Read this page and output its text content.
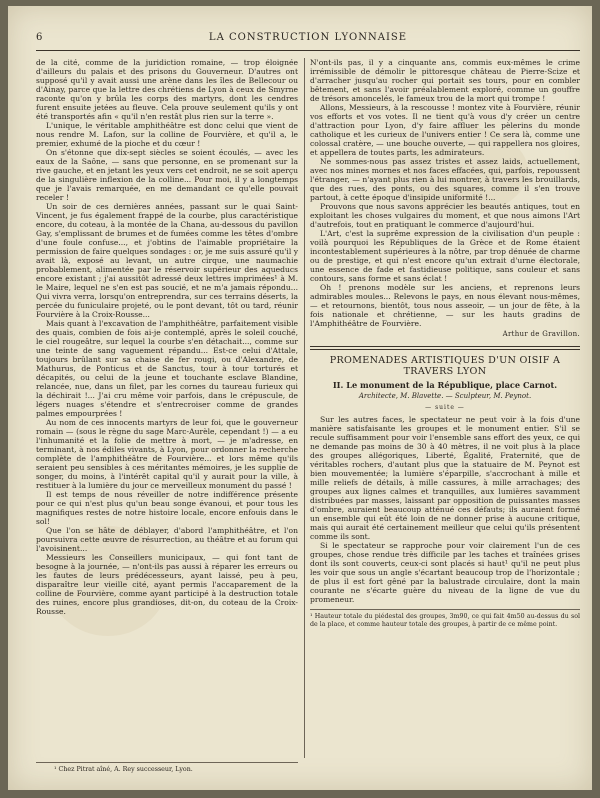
6	LA CONSTRUCTION LYONNAISE

de la cité, comme de la juridiction romaine, — trop éloignée d'ailleurs du palais et des prisons du Gouverneur. D'autres ont supposé qu'il y avait aussi une arène dans les îles de Bellecour ou d'Ainay, parce que la lettre des chrétiens de Lyon à ceux de Smyrne raconte qu'on y brûla les corps des martyrs, dont les cendres furent ensuite jetées au fleuve. Cela prouve seulement qu'ils y ont été transportés afin « qu'il n'en restât plus rien sur la terre ».

L'unique, le véritable amphithéâtre est donc celui que vient de nous rendre M. Lafon, sur la colline de Fourvière, et qu'il a, le premier, exhumé de la pioche et du cœur !

On s'étonne que dix-sept siècles se soient écoulés, — avec les eaux de la Saône, — sans que personne, en se promenant sur la rive gauche, et en jetant les yeux vers cet endroit, ne se soit aperçu de la singulière inflexion de la colline... Pour moi, il y a longtemps que je l'avais remarquée, en me demandant ce qu'elle pouvait receler !

Un soir de ces dernières années, passant sur le quai Saint-Vincent, je fus également frappé de la courbe, plus caractéristique encore, du coteau, à la montée de la Chana, au-dessous du pavillon Gay, s'emplissant de brumes et de fumées comme les têtes d'ombre d'une foule confuse..., et j'obtins de l'aimable propriétaire la permission de faire quelques sondages : or, je me suis assuré qu'il y avait là, exposé au levant, un autre cirque, une naumachie probablement, alimentée par le réservoir supérieur des aqueducs encore existant ; j'ai aussitôt adressé deux lettres imprimées¹ à M. le Maire, lequel ne s'en est pas soucié, et ne m'a jamais répondu... Qui vivra verra, lorsqu'on entreprendra, sur ces terrains déserts, la percée du funiculaire projeté, ou le pont devant, tôt ou tard, réunir Fourvière à la Croix-Rousse...

Mais quant à l'excavation de l'amphithéâtre, parfaitement visible des quais, combien de fois ai-je contemplé, après le soleil couché, le ciel rougeâtre, sur lequel la courbe s'en détachait..., comme sur une teinte de sang vaguement répandu... Est-ce celui d'Attale, toujours brûlant sur sa chaise de fer rougi, ou d'Alexandre, de Mathurus, de Ponticus et de Sanctus, tour à tour torturés et décapités, ou celui de la jeune et touchante esclave Blandine, relancée, nue, dans un filet, par les cornes du taureau furieux qui la déchirait !... J'ai cru même voir parfois, dans le crépuscule, de légers nuages s'étendre et s'entrecroiser comme de grandes palmes empourprées !

Au nom de ces innocents martyrs de leur foi, que le gouverneur romain — (sous le règne du sage Marc-Aurèle, cependant !) — a eu l'inhumanité et la folie de mettre à mort, — je m'adresse, en terminant, à nos édiles vivants, à Lyon, pour ordonner la recherche complète de l'amphithéâtre de Fourvière... et lors même qu'ils seraient peu sensibles à ces méritantes mémoires, je les supplie de songer, du moins, à l'intérêt capital qu'il y aurait pour la ville, à restituer à la lumière du jour ce merveilleux monument du passé !

Il est temps de nous réveiller de notre indifférence présente pour ce qui n'est plus qu'un beau songe évanoui, et pour tous les magnifiques restes de notre histoire locale, encore enfouis dans le sol!

Que l'on se hâte de déblayer, d'abord l'amphithéâtre, et l'on poursuivra cette œuvre de résurrection, au théâtre et au forum qui l'avoisinent...

Messieurs les Conseillers municipaux, — qui font tant de besogne à la journée, — n'ont-ils pas aussi à réparer les erreurs ou les fautes de leurs prédécesseurs, ayant laissé, peu à peu, disparaître leur vieille cité, ayant permis l'accaparement de la colline de Fourvière, comme ayant participé à la destruction totale des ruines, encore plus grandioses, dit-on, du coteau de la Croix-Rousse.

¹ Chez Pitrat aîné, A. Rey successeur, Lyon.

N'ont-ils pas, il y a cinquante ans, commis eux-mêmes le crime irrémissible de démolir le pittoresque château de Pierre-Scize et d'arracher jusqu'au rocher qui portait ses tours, pour en combler bêtement, et sans l'avoir préalablement exploré, comme un gouffre de trésors amoncelés, le fameux trou de la mort qui trompe !

Allons, Messieurs, à la rescousse ! montez vite à Fourvière, réunir vos efforts et vos votes. Il ne tient qu'à vous d'y créer un centre d'attraction pour Lyon, d'y faire affluer les pèlerins du monde catholique et les curieux de l'univers entier ! Ce sera là, comme une colossal cratère, — une bouche ouverte, — qui rappellera nos gloires, et appellera de toutes parts, les admirateurs.

Ne sommes-nous pas assez tristes et assez laids, actuellement, avec nos mines mornes et nos faces effacées, qui, parfois, repoussent l'étranger, — n'ayant plus rien à lui montrer, à travers les brouillards, que des rues, des ponts, ou des squares, comme il s'en trouve partout, à cette époque d'insipide uniformité !...

Prouvons que nous savons apprécier les beautés antiques, tout en exploitant les choses vulgaires du moment, et que nous aimons l'Art d'autrefois, tout en pratiquant le commerce d'aujourd'hui.

L'Art, c'est la suprême expression de la civilisation d'un peuple : voilà pourquoi les Républiques de la Grèce et de Rome étaient incontestablement supérieures à la nôtre, par trop dénuée de charme ou de prestige, et qui n'est encore qu'un extrait d'urne électorale, une essence de fade et fastidieuse politique, sans couleur et sans contours, sans forme et sans éclat !

Oh ! prenons modèle sur les anciens, et reprenons leurs admirables moules... Relevons le pays, en nous élevant nous-mêmes, — et retournons, bientôt, tous nous asseoir, — un jour de fête, à la fois nationale et chrétienne, — sur les hauts gradins de l'Amphithéâtre de Fourvière.

Arthur de Gravillon.
PROMENADES ARTISTIQUES D'UN OISIF A TRAVERS LYON
II. Le monument de la République, place Carnot.
Architecte, M. Blavette. — Sculpteur, M. Peynot.
— suite —

Sur les autres faces, le spectateur ne peut voir à la fois d'une manière satisfaisante les groupes et le monument entier. S'il se recule suffisamment pour voir l'ensemble sans effort des yeux, ce qui ne demande pas moins de 30 à 40 mètres, il ne voit plus à la place des groupes allégoriques, Liberté, Égalité, Fraternité, que de véritables rochers, d'autant plus que la statuaire de M. Peynot est bien mouvementée; la lumière s'éparpille, s'accrochant à mille et mille reliefs de détails, à mille cassures, à mille arrachages; des groupes aux lignes calmes et tranquilles, aux lumières savamment distribuées par masses, laissant par opposition de puissantes masses d'ombre, auraient beaucoup atténué ces défauts; ils auraient formé un ensemble qui eût été loin de ne donner prise à aucune critique, mais qui aurait été certainement meilleur que celui qu'ils présentent comme ils sont.

Si le spectateur se rapproche pour voir clairement l'un de ces groupes, chose rendue très difficile par les taches et traînées grises dont ils sont couverts, ceux-ci sont placés si haut¹ qu'il ne peut plus les voir que sous un angle s'écartant beaucoup trop de l'horizontale ; de plus il est fort gêné par la balustrade circulaire, dont la main courante ne s'écarte guère du niveau de la ligne de vue du promeneur.

¹ Hauteur totale du piédestal des groupes, 3m90, ce qui fait 4m50 au-dessus du sol de la place, et comme hauteur totale des groupes, à partir de ce même point.
